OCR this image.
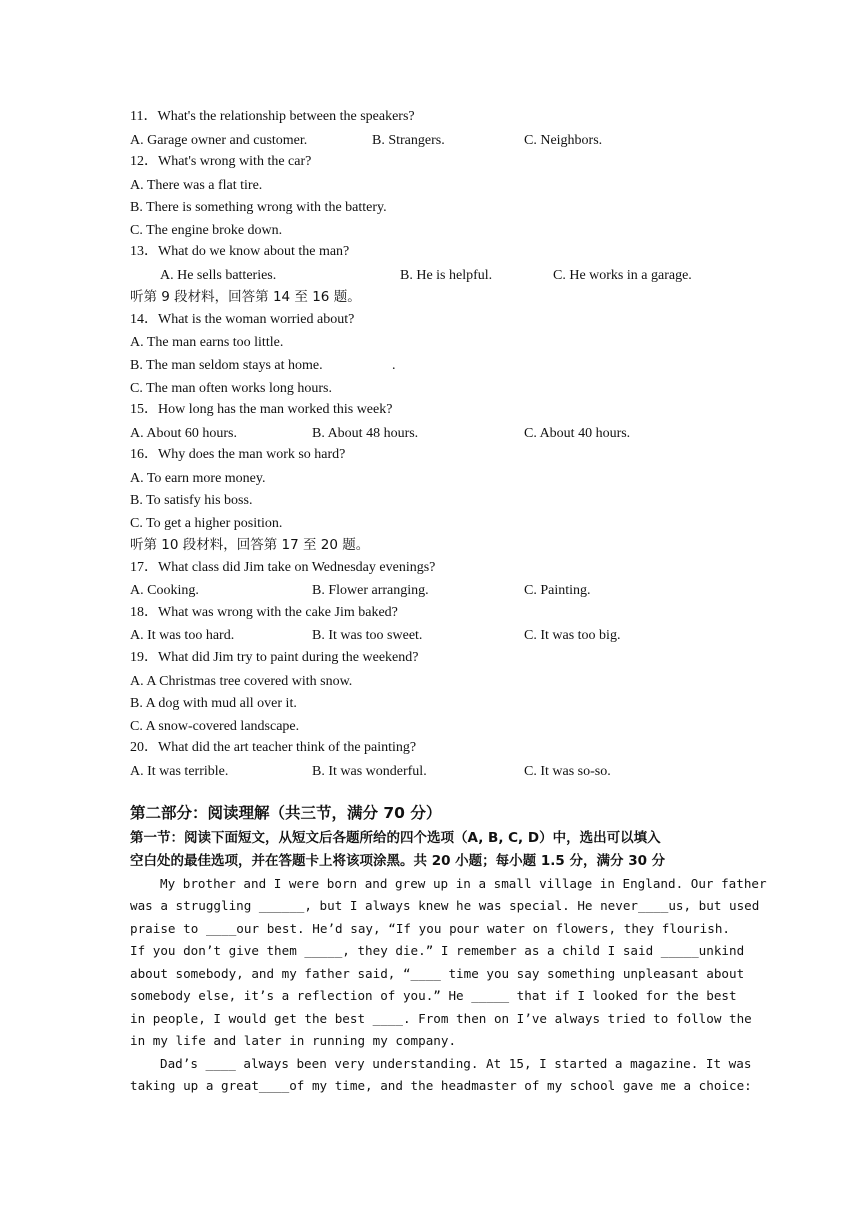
11．What's the relationship between the speakers?
A. Garage owner and customer.	B. Strangers.	C. Neighbors.
12．What's wrong with the car?
A. There was a flat tire.
B. There is something wrong with the battery.
C. The engine broke down.
13．What do we know about the man?
A. He sells batteries.	B. He is helpful.	C. He works in a garage.
听第 9 段材料，回答第 14 至 16 题。
14．What is the woman worried about?
A. The man earns too little.
B. The man seldom stays at home.	.
C. The man often works long hours.
15．How long has the man worked this week?
A. About 60 hours.	B. About 48 hours.	C. About 40 hours.
16．Why does the man work so hard?
A. To earn more money.
B. To satisfy his boss.
C. To get a higher position.
听第 10 段材料，回答第 17 至 20 题。
17．What class did Jim take on Wednesday evenings?
A. Cooking.	B. Flower arranging.	C. Painting.
18．What was wrong with the cake Jim baked?
A. It was too hard.	B. It was too sweet.	C. It was too big.
19．What did Jim try to paint during the weekend?
A. A Christmas tree covered with snow.
B. A dog with mud all over it.
C. A snow-covered landscape.
20．What did the art teacher think of the painting?
A. It was terrible.	B. It was wonderful.	C. It was so-so.
第二部分：阅读理解（共三节，满分 70 分）
第一节：阅读下面短文，从短文后各题所给的四个选项（A, B, C, D）中，选出可以填入
空白处的最佳选项，并在答题卡上将该项涂黑。共 20 小题；每小题 1.5 分，满分 30 分
My brother and I were born and grew up in a small village in England. Our father
was a struggling ______, but I always knew he was special. He never____us, but used
praise to ____our best. He’d say, “If you pour water on flowers, they flourish.
If you don’t give them _____, they die.” I remember as a child I said _____unkind
about somebody, and my father said, “____ time you say something unpleasant about
somebody else, it’s a reflection of you.” He _____ that if I looked for the best
in people, I would get the best ____. From then on I’ve always tried to follow the
in my life and later in running my company.
Dad’s ____ always been very understanding. At 15, I started a magazine. It was
taking up a great____of my time, and the headmaster of my school gave me a choice:
